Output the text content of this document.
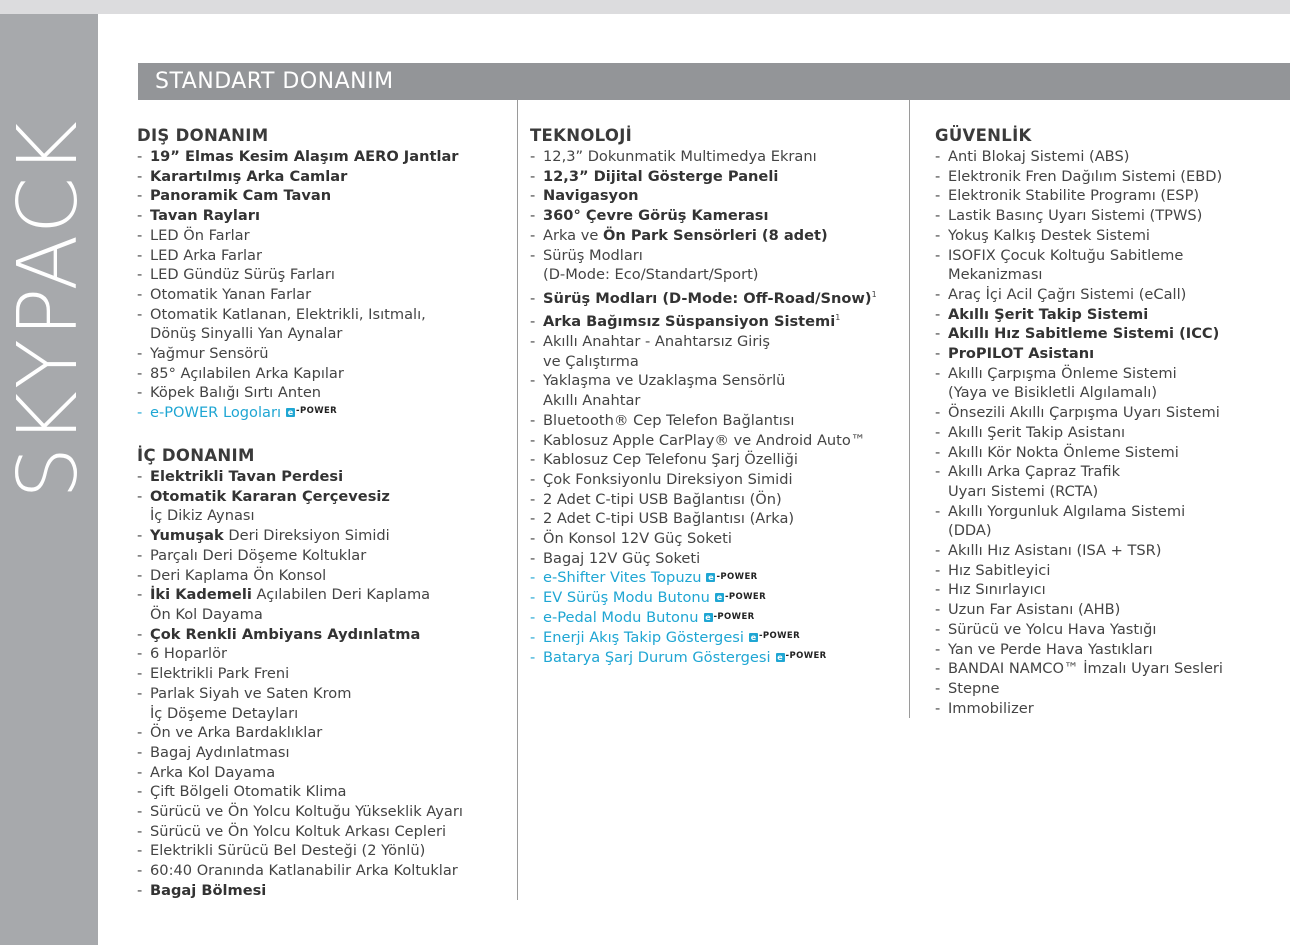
SKYPACK
STANDART DONANIM
DIŞ DONANIM
- 19” Elmas Kesim Alaşım AERO Jantlar
- Karartılmış Arka Camlar
- Panoramik Cam Tavan
- Tavan Rayları
- LED Ön Farlar
- LED Arka Farlar
- LED Gündüz Sürüş Farları
- Otomatik Yanan Farlar
- Otomatik Katlanan, Elektrikli, Isıtmalı,
Dönüş Sinyalli Yan Aynalar
- Yağmur Sensörü
- 85° Açılabilen Arka Kapılar
- Köpek Balığı Sırtı Anten
- e-POWER Logoları e -POWER
İÇ DONANIM
- Elektrikli Tavan Perdesi
- Otomatik Kararan Çerçevesiz
İç Dikiz Aynası
- Yumuşak Deri Direksiyon Simidi
- Parçalı Deri Döşeme Koltuklar
- Deri Kaplama Ön Konsol
- İki Kademeli Açılabilen Deri Kaplama
Ön Kol Dayama
- Çok Renkli Ambiyans Aydınlatma
- 6 Hoparlör
- Elektrikli Park Freni
- Parlak Siyah ve Saten Krom
İç Döşeme Detayları
- Ön ve Arka Bardaklıklar
- Bagaj Aydınlatması
- Arka Kol Dayama
- Çift Bölgeli Otomatik Klima
- Sürücü ve Ön Yolcu Koltuğu Yükseklik Ayarı
- Sürücü ve Ön Yolcu Koltuk Arkası Cepleri
- Elektrikli Sürücü Bel Desteği (2 Yönlü)
- 60:40 Oranında Katlanabilir Arka Koltuklar
- Bagaj Bölmesi
TEKNOLOJİ
- 12,3” Dokunmatik Multimedya Ekranı
- 12,3” Dijital Gösterge Paneli
- Navigasyon
- 360° Çevre Görüş Kamerası
- Arka ve Ön Park Sensörleri (8 adet)
- Sürüş Modları
(D-Mode: Eco/Standart/Sport)
- Sürüş Modları (D-Mode: Off-Road/Snow)$^1$
- Arka Bağımsız Süspansiyon Sistemi$^1$
- Akıllı Anahtar - Anahtarsız Giriş
ve Çalıştırma
- Yaklaşma ve Uzaklaşma Sensörlü
Akıllı Anahtar
- Bluetooth® Cep Telefon Bağlantısı
- Kablosuz Apple CarPlay® ve Android Auto™
- Kablosuz Cep Telefonu Şarj Özelliği
- Çok Fonksiyonlu Direksiyon Simidi
- 2 Adet C-tipi USB Bağlantısı (Ön)
- 2 Adet C-tipi USB Bağlantısı (Arka)
- Ön Konsol 12V Güç Soketi
- Bagaj 12V Güç Soketi
- e-Shifter Vites Topuzu e -POWER
- EV Sürüş Modu Butonu e -POWER
- e-Pedal Modu Butonu e -POWER
- Enerji Akış Takip Göstergesi e -POWER
- Batarya Şarj Durum Göstergesi e -POWER
GÜVENLİK
- Anti Blokaj Sistemi (ABS)
- Elektronik Fren Dağılım Sistemi (EBD)
- Elektronik Stabilite Programı (ESP)
- Lastik Basınç Uyarı Sistemi (TPWS)
- Yokuş Kalkış Destek Sistemi
- ISOFIX Çocuk Koltuğu Sabitleme
Mekanizması
- Araç İçi Acil Çağrı Sistemi (eCall)
- Akıllı Şerit Takip Sistemi
- Akıllı Hız Sabitleme Sistemi (ICC)
- ProPILOT Asistanı
- Akıllı Çarpışma Önleme Sistemi
(Yaya ve Bisikletli Algılamalı)
- Önsezili Akıllı Çarpışma Uyarı Sistemi
- Akıllı Şerit Takip Asistanı
- Akıllı Kör Nokta Önleme Sistemi
- Akıllı Arka Çapraz Trafik
Uyarı Sistemi (RCTA)
- Akıllı Yorgunluk Algılama Sistemi
(DDA)
- Akıllı Hız Asistanı (ISA + TSR)
- Hız Sabitleyici
- Hız Sınırlayıcı
- Uzun Far Asistanı (AHB)
- Sürücü ve Yolcu Hava Yastığı
- Yan ve Perde Hava Yastıkları
- BANDAI NAMCO™ İmzalı Uyarı Sesleri
- Stepne
- Immobilizer
